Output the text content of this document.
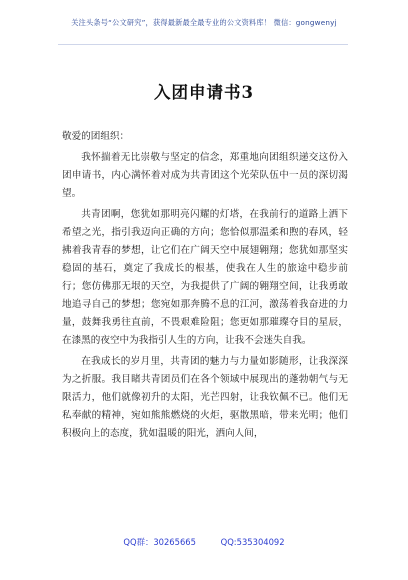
关注头条号“公文研究”，获得最新最全最专业的公文资料库！ 微信：gongwenyj
入团申请书3

敬爱的团组织：

我怀揣着无比崇敬与坚定的信念，郑重地向团组织递交这份入团申请书，内心满怀着对成为共青团这个光荣队伍中一员的深切渴望。

共青团啊，您犹如那明亮闪耀的灯塔，在我前行的道路上洒下希望之光，指引我迈向正确的方向；您恰似那温柔和煦的春风，轻拂着我青春的梦想，让它们在广阔天空中展翅翱翔；您犹如那坚实稳固的基石，奠定了我成长的根基，使我在人生的旅途中稳步前行；您仿佛那无垠的天空，为我提供了广阔的翱翔空间，让我勇敢地追寻自己的梦想；您宛如那奔腾不息的江河，激荡着我奋进的力量，鼓舞我勇往直前，不畏艰难险阻；您更如那璀璨夺目的星辰，在漆黑的夜空中为我指引人生的方向，让我不会迷失自我。

在我成长的岁月里，共青团的魅力与力量如影随形，让我深深为之折服。我目睹共青团员们在各个领域中展现出的蓬勃朝气与无限活力，他们就像初升的太阳，光芒四射，让我钦佩不已。他们无私奉献的精神，宛如熊熊燃烧的火炬，驱散黑暗，带来光明；他们积极向上的态度，犹如温暖的阳光，洒向人间，

QQ群：30265665	QQ:535304092
